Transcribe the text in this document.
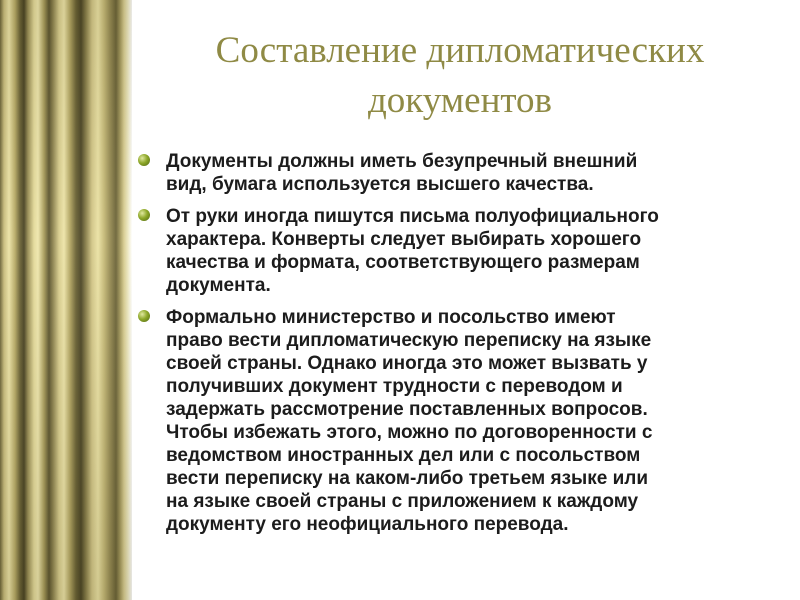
Составление дипломатических документов
Документы должны иметь безупречный внешний
вид, бумага используется высшего качества.
От руки иногда пишутся письма полуофициального
характера. Конверты следует выбирать хорошего
качества и формата, соответствующего размерам
документа.
Формально министерство и посольство имеют
право вести дипломатическую переписку на языке
своей страны. Однако иногда это может вызвать у
получивших документ трудности с переводом и
задержать рассмотрение поставленных вопросов.
Чтобы избежать этого, можно по договоренности с
ведомством иностранных дел или с посольством
вести переписку на каком-либо третьем языке или
на языке своей страны с приложением к каждому
документу его неофициального перевода.
